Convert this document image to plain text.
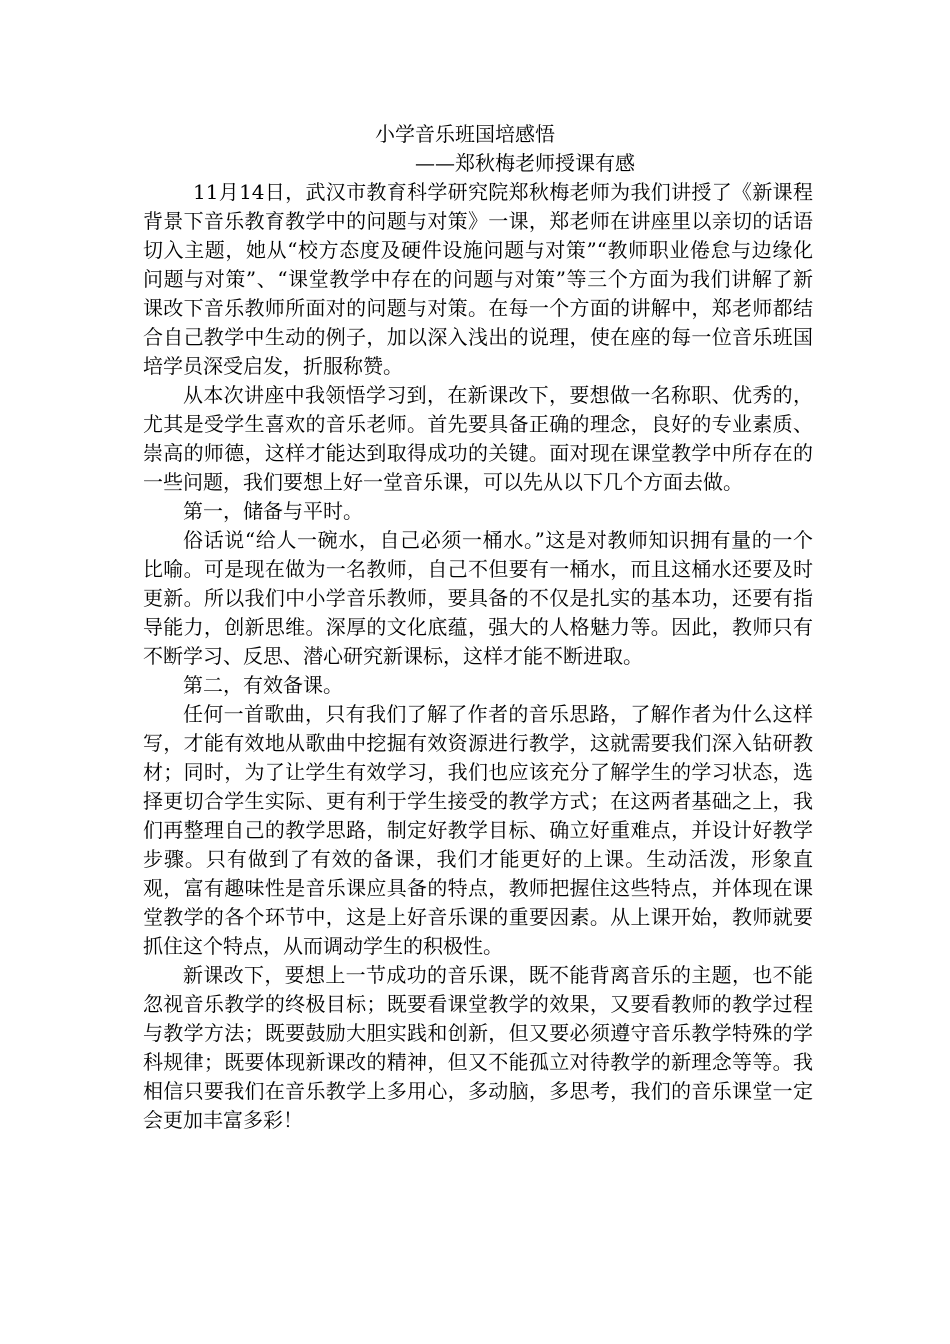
小学音乐班国培感悟
——郑秋梅老师授课有感

11月14日，武汉市教育科学研究院郑秋梅老师为我们讲授了《新课程背景下音乐教育教学中的问题与对策》一课，郑老师在讲座里以亲切的话语切入主题，她从“校方态度及硬件设施问题与对策”“教师职业倦怠与边缘化问题与对策”、“课堂教学中存在的问题与对策”等三个方面为我们讲解了新课改下音乐教师所面对的问题与对策。在每一个方面的讲解中，郑老师都结合自己教学中生动的例子，加以深入浅出的说理，使在座的每一位音乐班国培学员深受启发，折服称赞。

从本次讲座中我领悟学习到，在新课改下，要想做一名称职、优秀的，尤其是受学生喜欢的音乐老师。首先要具备正确的理念，良好的专业素质、崇高的师德，这样才能达到取得成功的关键。面对现在课堂教学中所存在的一些问题，我们要想上好一堂音乐课，可以先从以下几个方面去做。

第一，储备与平时。

俗话说“给人一碗水，自己必须一桶水。”这是对教师知识拥有量的一个比喻。可是现在做为一名教师，自己不但要有一桶水，而且这桶水还要及时更新。所以我们中小学音乐教师，要具备的不仅是扎实的基本功，还要有指导能力，创新思维。深厚的文化底蕴，强大的人格魅力等。因此，教师只有不断学习、反思、潜心研究新课标，这样才能不断进取。

第二，有效备课。

任何一首歌曲，只有我们了解了作者的音乐思路，了解作者为什么这样写，才能有效地从歌曲中挖掘有效资源进行教学，这就需要我们深入钻研教材；同时，为了让学生有效学习，我们也应该充分了解学生的学习状态，选择更切合学生实际、更有利于学生接受的教学方式；在这两者基础之上，我们再整理自己的教学思路，制定好教学目标、确立好重难点，并设计好教学步骤。只有做到了有效的备课，我们才能更好的上课。生动活泼，形象直观，富有趣味性是音乐课应具备的特点，教师把握住这些特点，并体现在课堂教学的各个环节中，这是上好音乐课的重要因素。从上课开始，教师就要抓住这个特点，从而调动学生的积极性。

新课改下，要想上一节成功的音乐课，既不能背离音乐的主题，也不能忽视音乐教学的终极目标；既要看课堂教学的效果，又要看教师的教学过程与教学方法；既要鼓励大胆实践和创新，但又要必须遵守音乐教学特殊的学科规律；既要体现新课改的精神，但又不能孤立对待教学的新理念等等。我相信只要我们在音乐教学上多用心，多动脑，多思考，我们的音乐课堂一定会更加丰富多彩！
